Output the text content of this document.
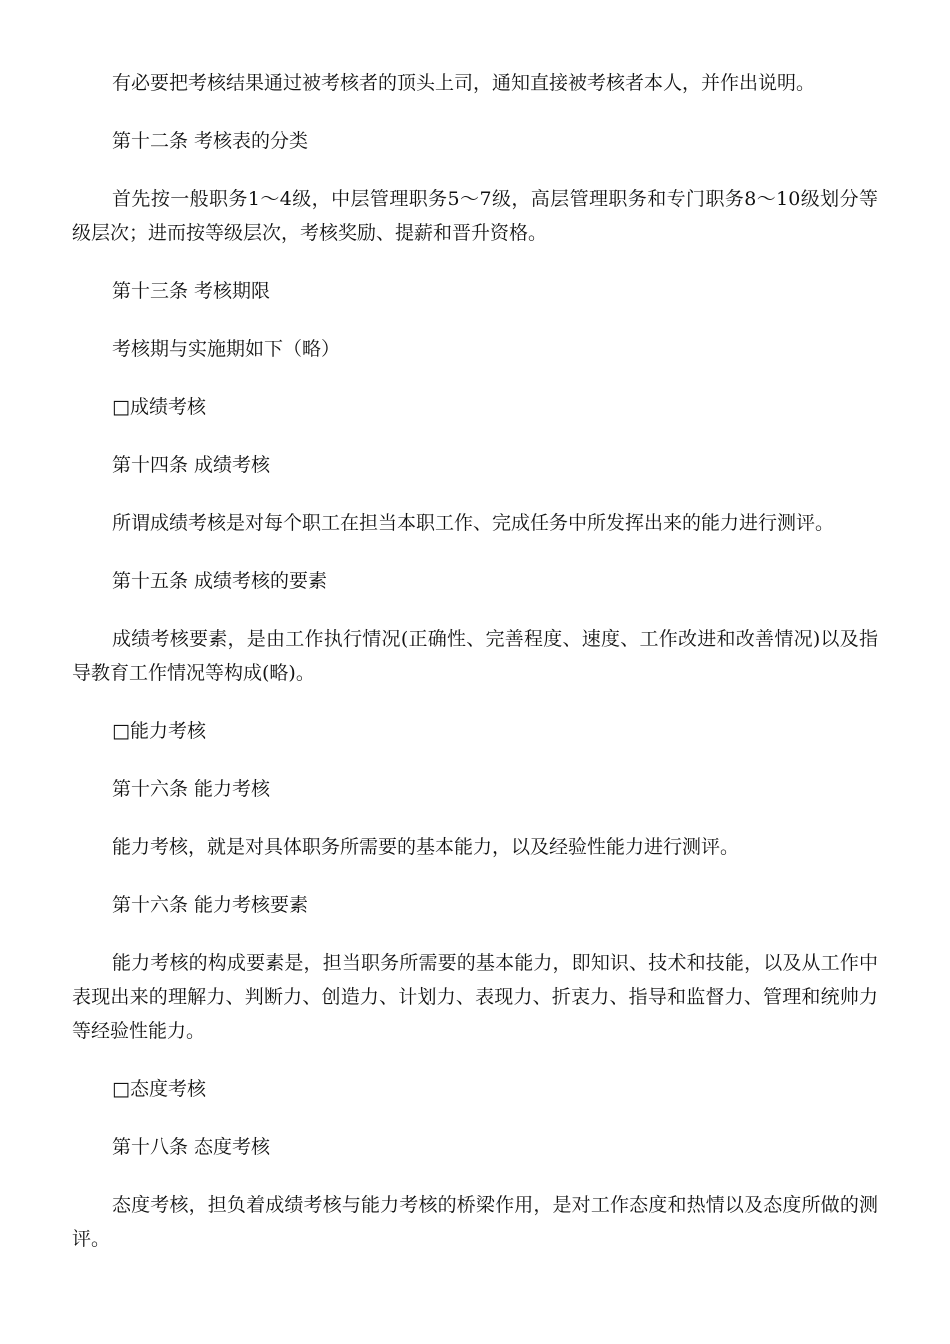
有必要把考核结果通过被考核者的顶头上司，通知直接被考核者本人，并作出说明。

第十二条 考核表的分类

首先按一般职务1～4级，中层管理职务5～7级，高层管理职务和专门职务8～10级划分等级层次；进而按等级层次，考核奖励、提薪和晋升资格。

第十三条 考核期限

考核期与实施期如下（略）

□成绩考核

第十四条 成绩考核

所谓成绩考核是对每个职工在担当本职工作、完成任务中所发挥出来的能力进行测评。

第十五条 成绩考核的要素

成绩考核要素，是由工作执行情况(正确性、完善程度、速度、工作改进和改善情况)以及指导教育工作情况等构成(略)。

□能力考核

第十六条 能力考核

能力考核，就是对具体职务所需要的基本能力，以及经验性能力进行测评。

第十六条 能力考核要素

能力考核的构成要素是，担当职务所需要的基本能力，即知识、技术和技能，以及从工作中表现出来的理解力、判断力、创造力、计划力、表现力、折衷力、指导和监督力、管理和统帅力等经验性能力。

□态度考核

第十八条 态度考核

态度考核，担负着成绩考核与能力考核的桥梁作用，是对工作态度和热情以及态度所做的测评。
